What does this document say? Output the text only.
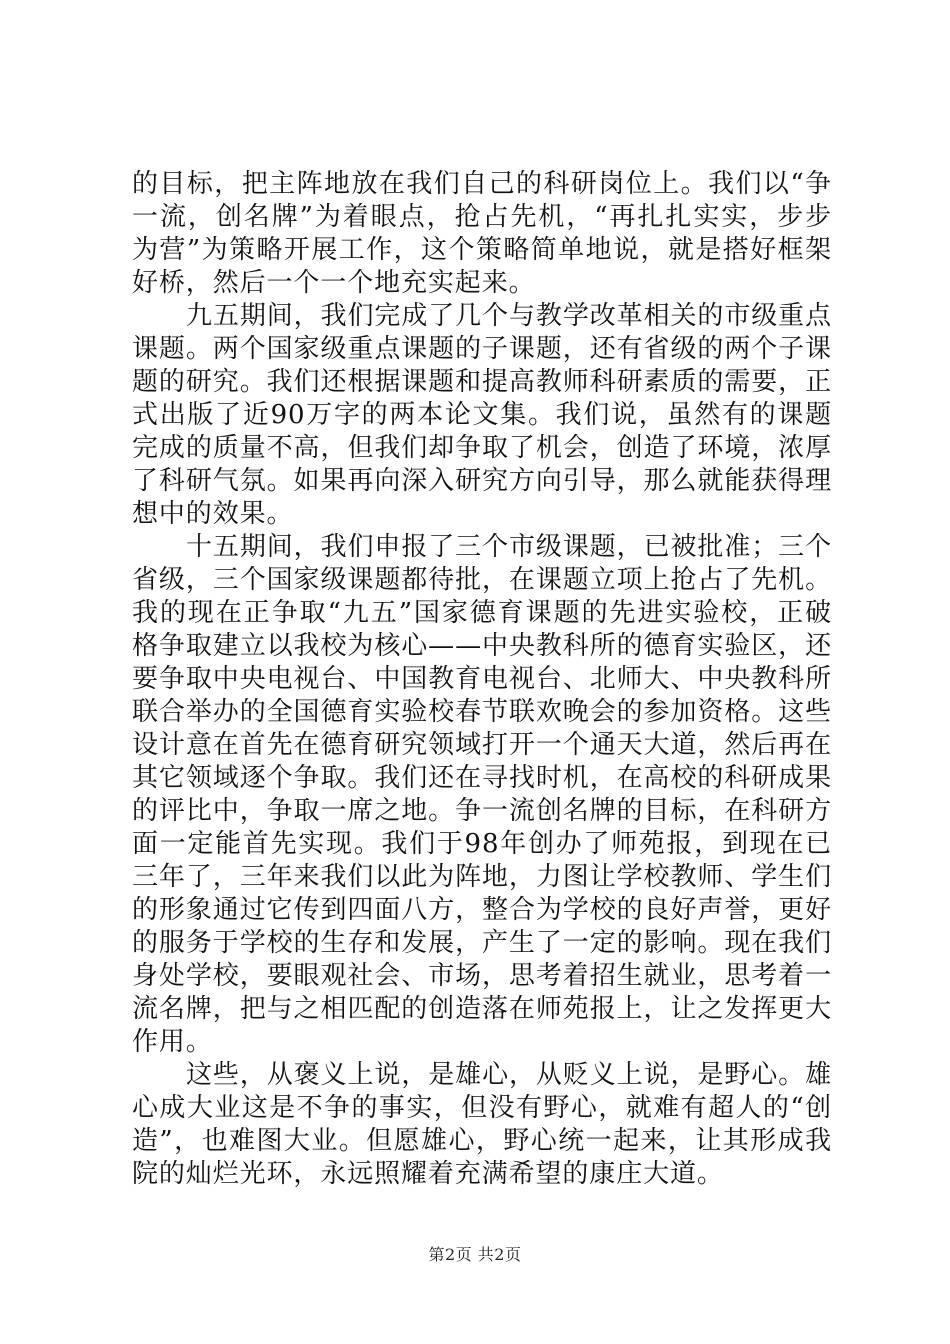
的目标，把主阵地放在我们自己的科研岗位上。我们以“争一流，创名牌”为着眼点，抢占先机，“再扎扎实实，步步为营”为策略开展工作，这个策略简单地说，就是搭好框架好桥，然后一个一个地充实起来。

九五期间，我们完成了几个与教学改革相关的市级重点课题。两个国家级重点课题的子课题，还有省级的两个子课题的研究。我们还根据课题和提高教师科研素质的需要，正式出版了近90万字的两本论文集。我们说，虽然有的课题完成的质量不高，但我们却争取了机会，创造了环境，浓厚了科研气氛。如果再向深入研究方向引导，那么就能获得理想中的效果。

十五期间，我们申报了三个市级课题，已被批准；三个省级，三个国家级课题都待批，在课题立项上抢占了先机。我的现在正争取“九五”国家德育课题的先进实验校，正破格争取建立以我校为核心——中央教科所的德育实验区，还要争取中央电视台、中国教育电视台、北师大、中央教科所联合举办的全国德育实验校春节联欢晚会的参加资格。这些设计意在首先在德育研究领域打开一个通天大道，然后再在其它领域逐个争取。我们还在寻找时机，在高校的科研成果的评比中，争取一席之地。争一流创名牌的目标，在科研方面一定能首先实现。我们于98年创办了师苑报，到现在已三年了，三年来我们以此为阵地，力图让学校教师、学生们的形象通过它传到四面八方，整合为学校的良好声誉，更好的服务于学校的生存和发展，产生了一定的影响。现在我们身处学校，要眼观社会、市场，思考着招生就业，思考着一流名牌，把与之相匹配的创造落在师苑报上，让之发挥更大作用。

这些，从褒义上说，是雄心，从贬义上说，是野心。雄心成大业这是不争的事实，但没有野心，就难有超人的“创造”，也难图大业。但愿雄心，野心统一起来，让其形成我院的灿烂光环，永远照耀着充满希望的康庄大道。

第2页 共2页
